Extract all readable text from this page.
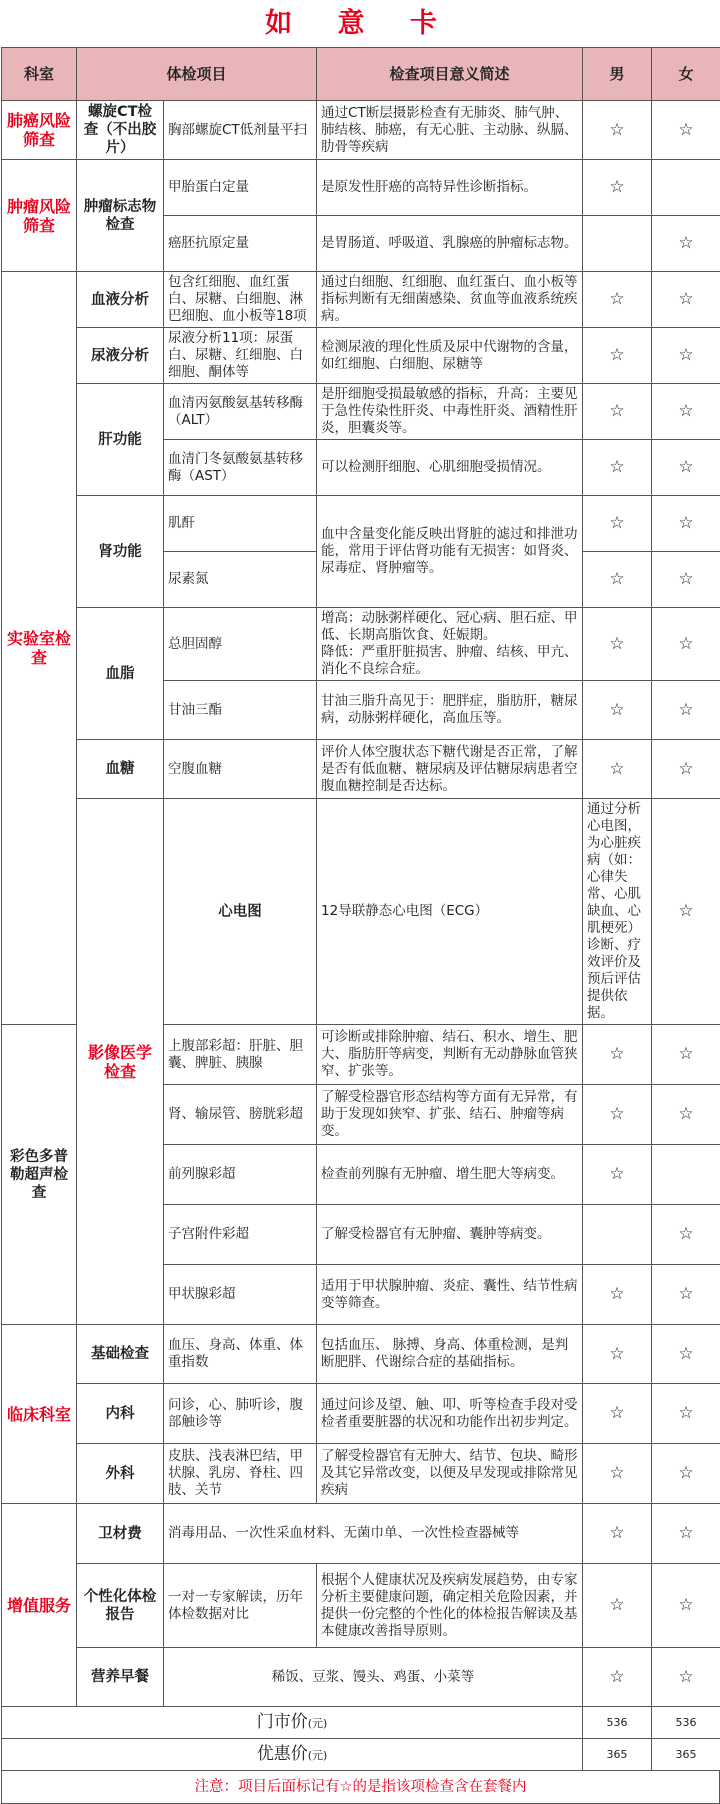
如 意 卡
科室	体检项目		检查项目意义简述	男	女	
肺癌风险筛查	螺旋CT检查（不出胶片）	胸部螺旋CT低剂量平扫	通过CT断层摄影检查有无肺炎、肺气肿、肺结核、肺癌，有无心脏、主动脉、纵膈、肋骨等疾病	☆	☆	
肿瘤风险筛查	肿瘤标志物检查	甲胎蛋白定量	是原发性肝癌的高特异性诊断指标。	☆		
		癌胚抗原定量	是胃肠道、呼吸道、乳腺癌的肿瘤标志物。		☆	
实验室检查	血液分析	包含红细胞、血红蛋白、尿糖、白细胞、淋巴细胞、血小板等18项	通过白细胞、红细胞、血红蛋白、血小板等指标判断有无细菌感染、贫血等血液系统疾病。	☆	☆	
	尿液分析	尿液分析11项：尿蛋白、尿糖、红细胞、白细胞、酮体等	检测尿液的理化性质及尿中代谢物的含量，如红细胞、白细胞、尿糖等	☆	☆	
	肝功能	血清丙氨酸氨基转移酶（ALT）	是肝细胞受损最敏感的指标，升高：主要见于急性传染性肝炎、中毒性肝炎、酒精性肝炎，胆囊炎等。	☆	☆	
		血清门冬氨酸氨基转移酶（AST）	可以检测肝细胞、心肌细胞受损情况。	☆	☆	
	肾功能	肌酐	血中含量变化能反映出肾脏的滤过和排泄功能，常用于评估肾功能有无损害：如肾炎、尿毒症、肾肿瘤等。	☆	☆	
		尿素氮		☆	☆	
	血脂	总胆固醇	增高：动脉粥样硬化、冠心病、胆石症、甲低、长期高脂饮食、妊娠期。
降低：严重肝脏损害、肿瘤、结核、甲亢、消化不良综合症。	☆	☆	
		甘油三酯	甘油三脂升高见于：肥胖症，脂肪肝，糖尿病，动脉粥样硬化，高血压等。	☆	☆	
	血糖	空腹血糖	评价人体空腹状态下糖代谢是否正常，了解是否有低血糖、糖尿病及评估糖尿病患者空腹血糖控制是否达标。	☆	☆	
	影像医学检查	心电图	12导联静态心电图（ECG）	通过分析心电图，为心脏疾病（如：心律失常、心肌缺血、心肌梗死）诊断、疗效评价及预后评估提供依据。	☆	
彩色多普勒超声检查		上腹部彩超：肝脏、胆囊、脾脏、胰腺	可诊断或排除肿瘤、结石、积水、增生、肥大、脂肪肝等病变，判断有无动静脉血管狭窄、扩张等。	☆	☆	
		肾、输尿管、膀胱彩超	了解受检器官形态结构等方面有无异常，有助于发现如狭窄、扩张、结石、肿瘤等病变。	☆	☆	
		前列腺彩超	检查前列腺有无肿瘤、增生肥大等病变。	☆		
		子宫附件彩超	了解受检器官有无肿瘤、囊肿等病变。		☆	
		甲状腺彩超	适用于甲状腺肿瘤、炎症、囊性、结节性病变等筛查。	☆	☆	
临床科室	基础检查	血压、身高、体重、体重指数	包括血压、 脉搏、身高、体重检测，是判断肥胖、代谢综合症的基础指标。	☆	☆	
	内科	问诊，心、肺听诊，腹部触诊等	通过问诊及望、触、叩、听等检查手段对受检者重要脏器的状况和功能作出初步判定。	☆	☆	
	外科	皮肤、浅表淋巴结，甲状腺、乳房、脊柱、四肢、关节	了解受检器官有无肿大、结节、包块、畸形及其它异常改变，以便及早发现或排除常见疾病	☆	☆	
增值服务	卫材费	消毒用品、一次性采血材料、无菌巾单、一次性检查器械等		☆	☆	
	个性化体检报告	一对一专家解读，历年体检数据对比	根据个人健康状况及疾病发展趋势，由专家分析主要健康问题，确定相关危险因素，并提供一份完整的个性化的体检报告解读及基本健康改善指导原则。	☆	☆	
	营养早餐	稀饭、豆浆、馒头、鸡蛋、小菜等		☆	☆	
门市价(元)				536	536	
优惠价(元)				365	365	
注意：项目后面标记有☆的是指该项检查含在套餐内
